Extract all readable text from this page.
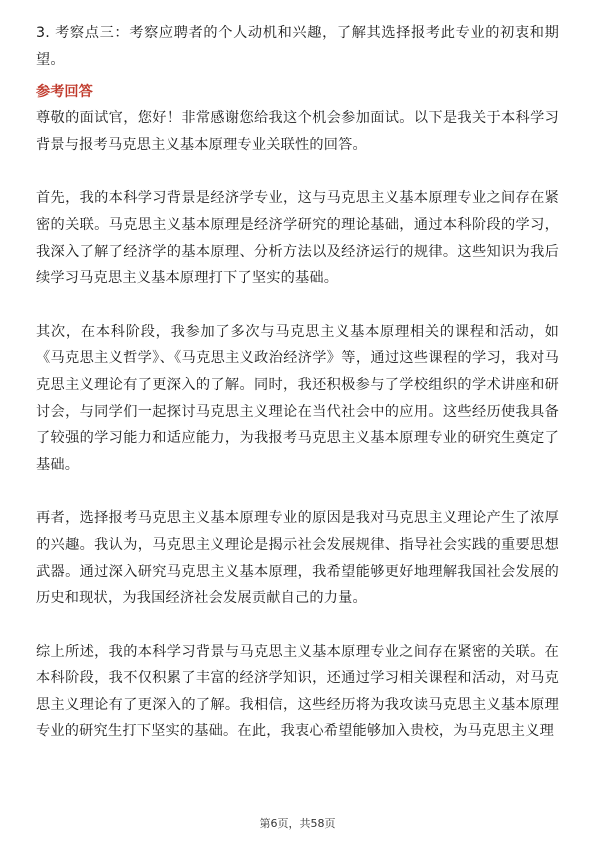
3. 考察点三：考察应聘者的个人动机和兴趣，了解其选择报考此专业的初衷和期望。

参考回答

尊敬的面试官，您好！非常感谢您给我这个机会参加面试。以下是我关于本科学习背景与报考马克思主义基本原理专业关联性的回答。

首先，我的本科学习背景是经济学专业，这与马克思主义基本原理专业之间存在紧密的关联。马克思主义基本原理是经济学研究的理论基础，通过本科阶段的学习，我深入了解了经济学的基本原理、分析方法以及经济运行的规律。这些知识为我后续学习马克思主义基本原理打下了坚实的基础。

其次，在本科阶段，我参加了多次与马克思主义基本原理相关的课程和活动，如《马克思主义哲学》、《马克思主义政治经济学》等，通过这些课程的学习，我对马克思主义理论有了更深入的了解。同时，我还积极参与了学校组织的学术讲座和研讨会，与同学们一起探讨马克思主义理论在当代社会中的应用。这些经历使我具备了较强的学习能力和适应能力，为我报考马克思主义基本原理专业的研究生奠定了基础。

再者，选择报考马克思主义基本原理专业的原因是我对马克思主义理论产生了浓厚的兴趣。我认为，马克思主义理论是揭示社会发展规律、指导社会实践的重要思想武器。通过深入研究马克思主义基本原理，我希望能够更好地理解我国社会发展的历史和现状，为我国经济社会发展贡献自己的力量。

综上所述，我的本科学习背景与马克思主义基本原理专业之间存在紧密的关联。在本科阶段，我不仅积累了丰富的经济学知识，还通过学习相关课程和活动，对马克思主义理论有了更深入的了解。我相信，这些经历将为我攻读马克思主义基本原理专业的研究生打下坚实的基础。在此，我衷心希望能够加入贵校，为马克思主义理

第6页，共58页
